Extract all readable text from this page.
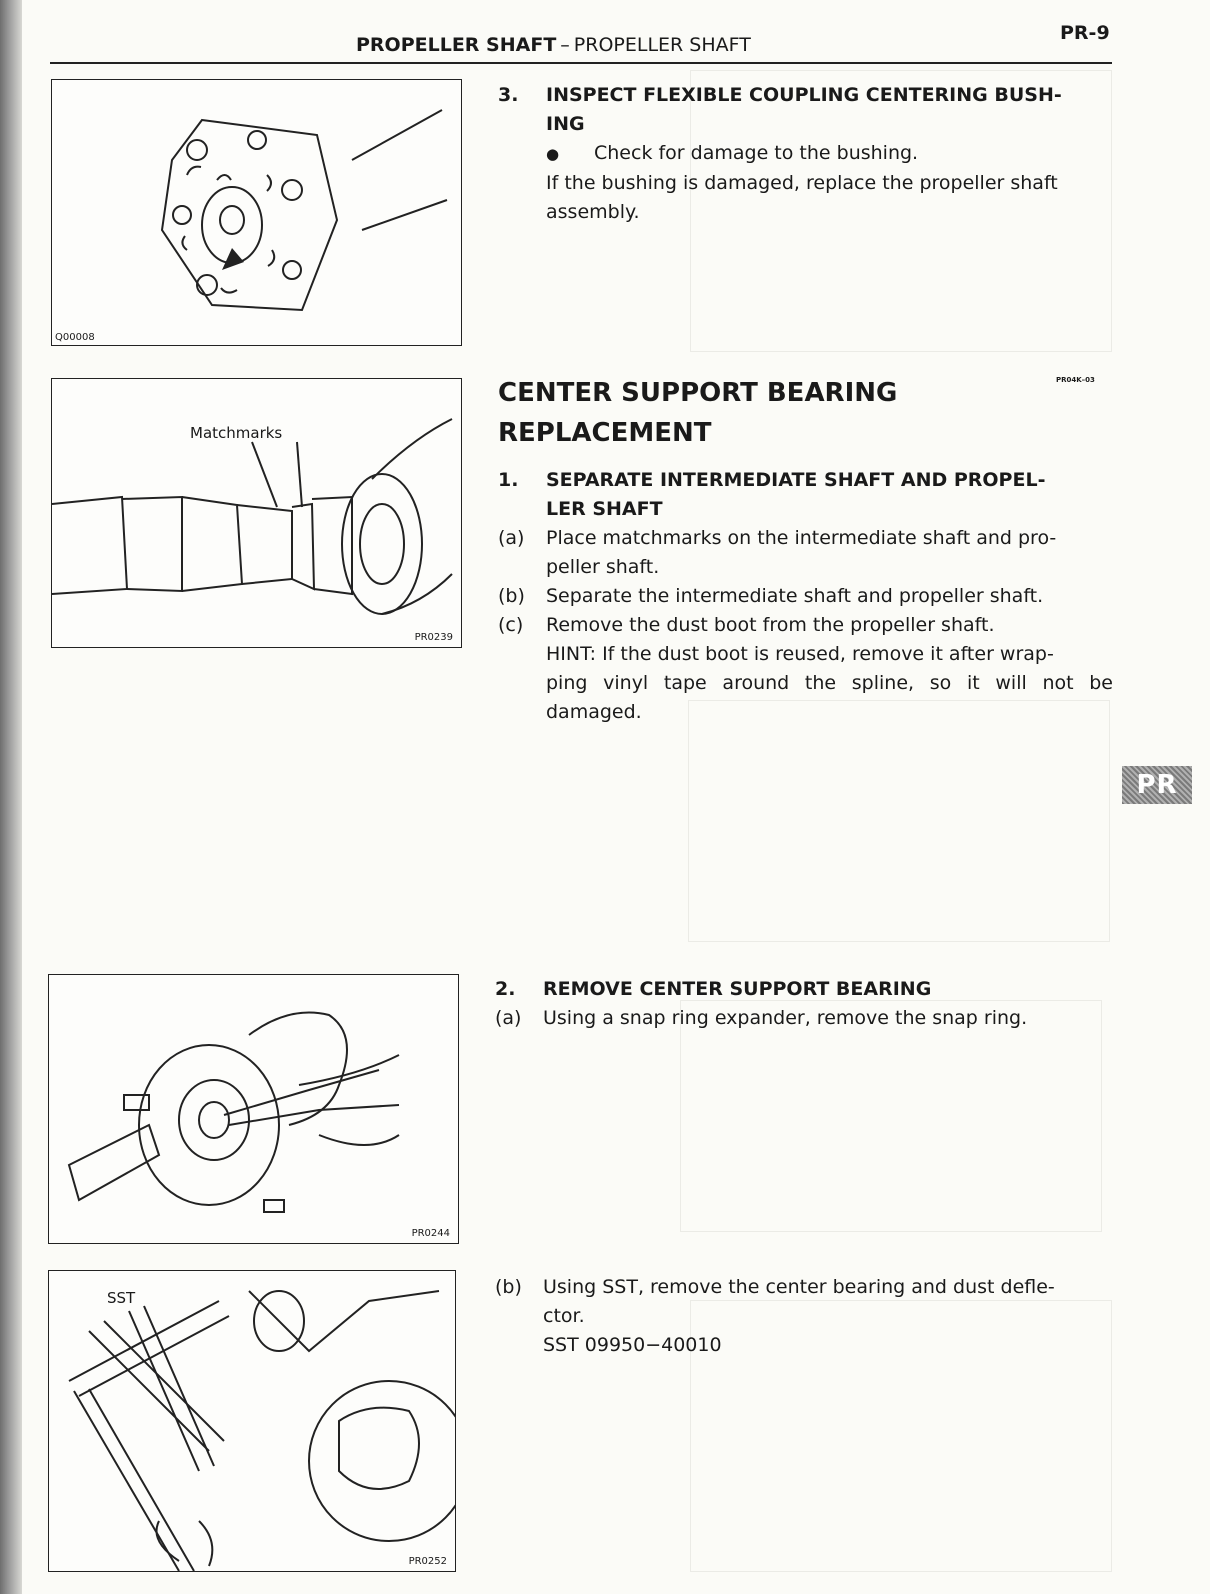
PROPELLER SHAFT – PROPELLER SHAFT
PR-9
Q00008
3. INSPECT FLEXIBLE COUPLING CENTERING BUSH-
ING
● Check for damage to the bushing.
If the bushing is damaged, replace the propeller shaft
assembly.
Matchmarks
PR0239
CENTER SUPPORT BEARING
REPLACEMENT
PR04K–03
1. SEPARATE INTERMEDIATE SHAFT AND PROPEL-
LER SHAFT
(a) Place matchmarks on the intermediate shaft and pro-
peller shaft.
(b) Separate the intermediate shaft and propeller shaft.
(c) Remove the dust boot from the propeller shaft.
HINT: If the dust boot is reused, remove it after wrap-
ping vinyl tape around the spline, so it will not be
damaged.
PR
PR0244
2.	REMOVE CENTER SUPPORT BEARING
(a) Using a snap ring expander, remove the snap ring.
SST
PR0252
(b) Using SST, remove the center bearing and dust defle-
ctor.
SST 09950−40010
